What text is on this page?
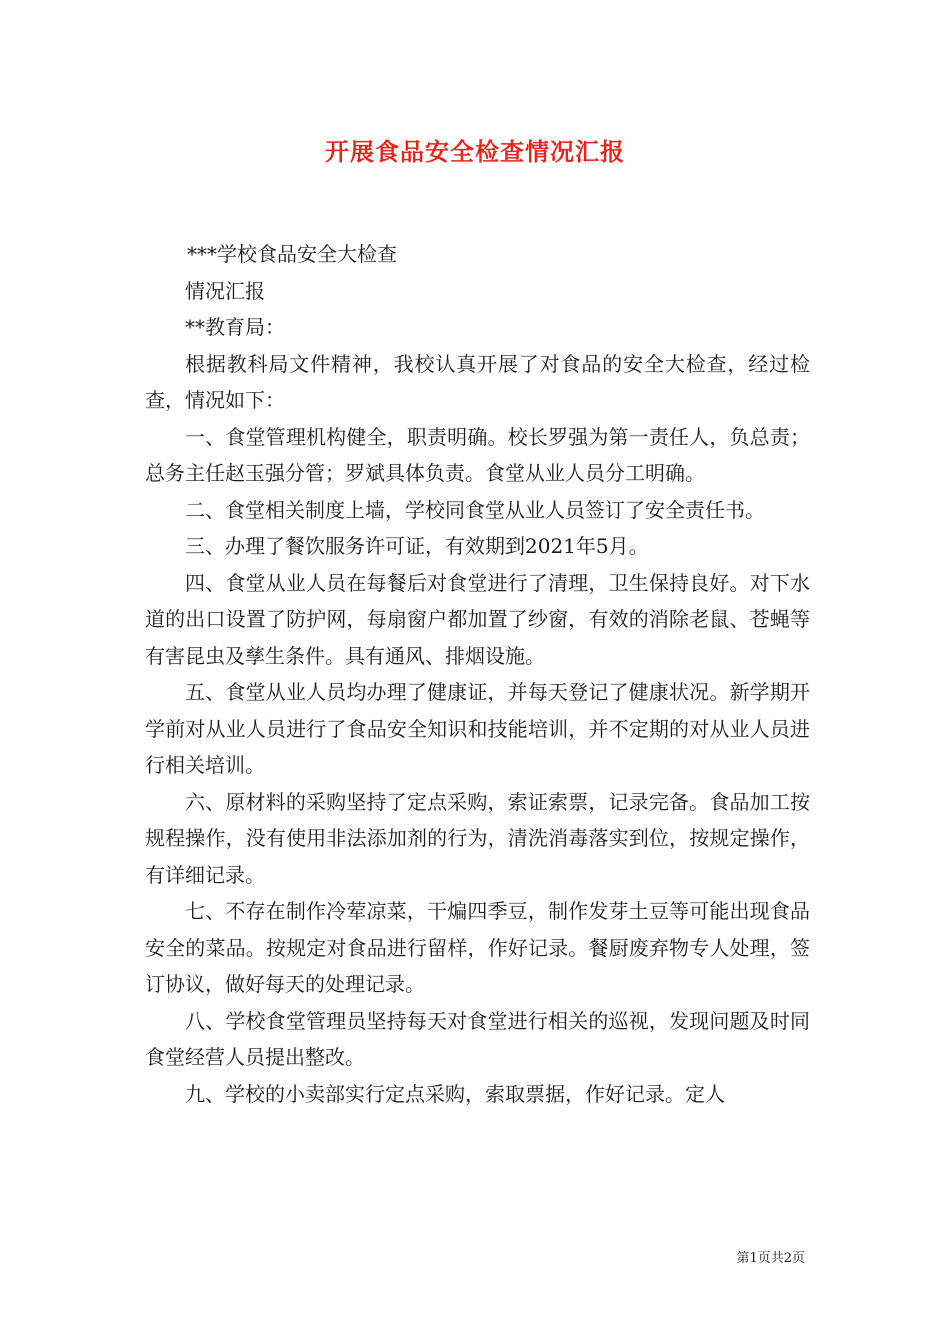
开展食品安全检查情况汇报

***学校食品安全大检查

情况汇报

**教育局：

根据教科局文件精神，我校认真开展了对食品的安全大检查，经过检查，情况如下：

一、食堂管理机构健全，职责明确。校长罗强为第一责任人，负总责；总务主任赵玉强分管；罗斌具体负责。食堂从业人员分工明确。

二、食堂相关制度上墙，学校同食堂从业人员签订了安全责任书。

三、办理了餐饮服务许可证，有效期到2021年5月。

四、食堂从业人员在每餐后对食堂进行了清理，卫生保持良好。对下水道的出口设置了防护网，每扇窗户都加置了纱窗，有效的消除老鼠、苍蝇等有害昆虫及孳生条件。具有通风、排烟设施。

五、食堂从业人员均办理了健康证，并每天登记了健康状况。新学期开学前对从业人员进行了食品安全知识和技能培训，并不定期的对从业人员进行相关培训。

六、原材料的采购坚持了定点采购，索证索票，记录完备。食品加工按规程操作，没有使用非法添加剂的行为，清洗消毒落实到位，按规定操作，有详细记录。

七、不存在制作冷荤凉菜，干煸四季豆，制作发芽土豆等可能出现食品安全的菜品。按规定对食品进行留样，作好记录。餐厨废弃物专人处理，签订协议，做好每天的处理记录。

八、学校食堂管理员坚持每天对食堂进行相关的巡视，发现问题及时同食堂经营人员提出整改。

九、学校的小卖部实行定点采购，索取票据，作好记录。定人

第1页共2页
